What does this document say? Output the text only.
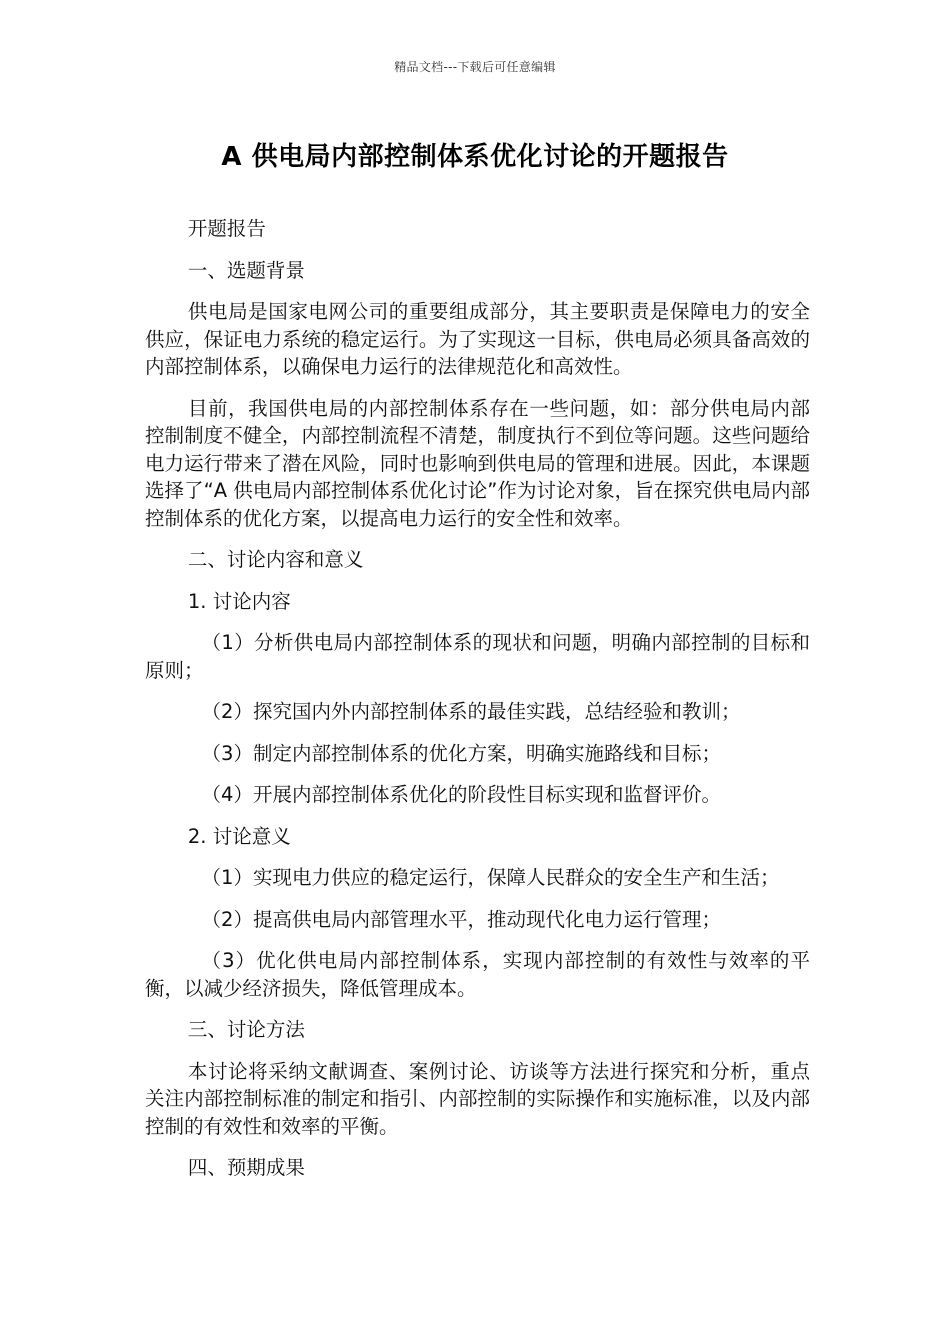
精品文档---下载后可任意编辑
A 供电局内部控制体系优化讨论的开题报告

开题报告

一、选题背景

供电局是国家电网公司的重要组成部分，其主要职责是保障电力的安全供应，保证电力系统的稳定运行。为了实现这一目标，供电局必须具备高效的内部控制体系，以确保电力运行的法律规范化和高效性。

目前，我国供电局的内部控制体系存在一些问题，如：部分供电局内部控制制度不健全，内部控制流程不清楚，制度执行不到位等问题。这些问题给电力运行带来了潜在风险，同时也影响到供电局的管理和进展。因此，本课题选择了“A 供电局内部控制体系优化讨论”作为讨论对象，旨在探究供电局内部控制体系的优化方案，以提高电力运行的安全性和效率。

二、讨论内容和意义

1. 讨论内容

（1）分析供电局内部控制体系的现状和问题，明确内部控制的目标和原则；

（2）探究国内外内部控制体系的最佳实践，总结经验和教训；

（3）制定内部控制体系的优化方案，明确实施路线和目标；

（4）开展内部控制体系优化的阶段性目标实现和监督评价。

2. 讨论意义

（1）实现电力供应的稳定运行，保障人民群众的安全生产和生活；

（2）提高供电局内部管理水平，推动现代化电力运行管理；

（3）优化供电局内部控制体系，实现内部控制的有效性与效率的平衡，以减少经济损失，降低管理成本。

三、讨论方法

本讨论将采纳文献调查、案例讨论、访谈等方法进行探究和分析，重点关注内部控制标准的制定和指引、内部控制的实际操作和实施标准，以及内部控制的有效性和效率的平衡。

四、预期成果
